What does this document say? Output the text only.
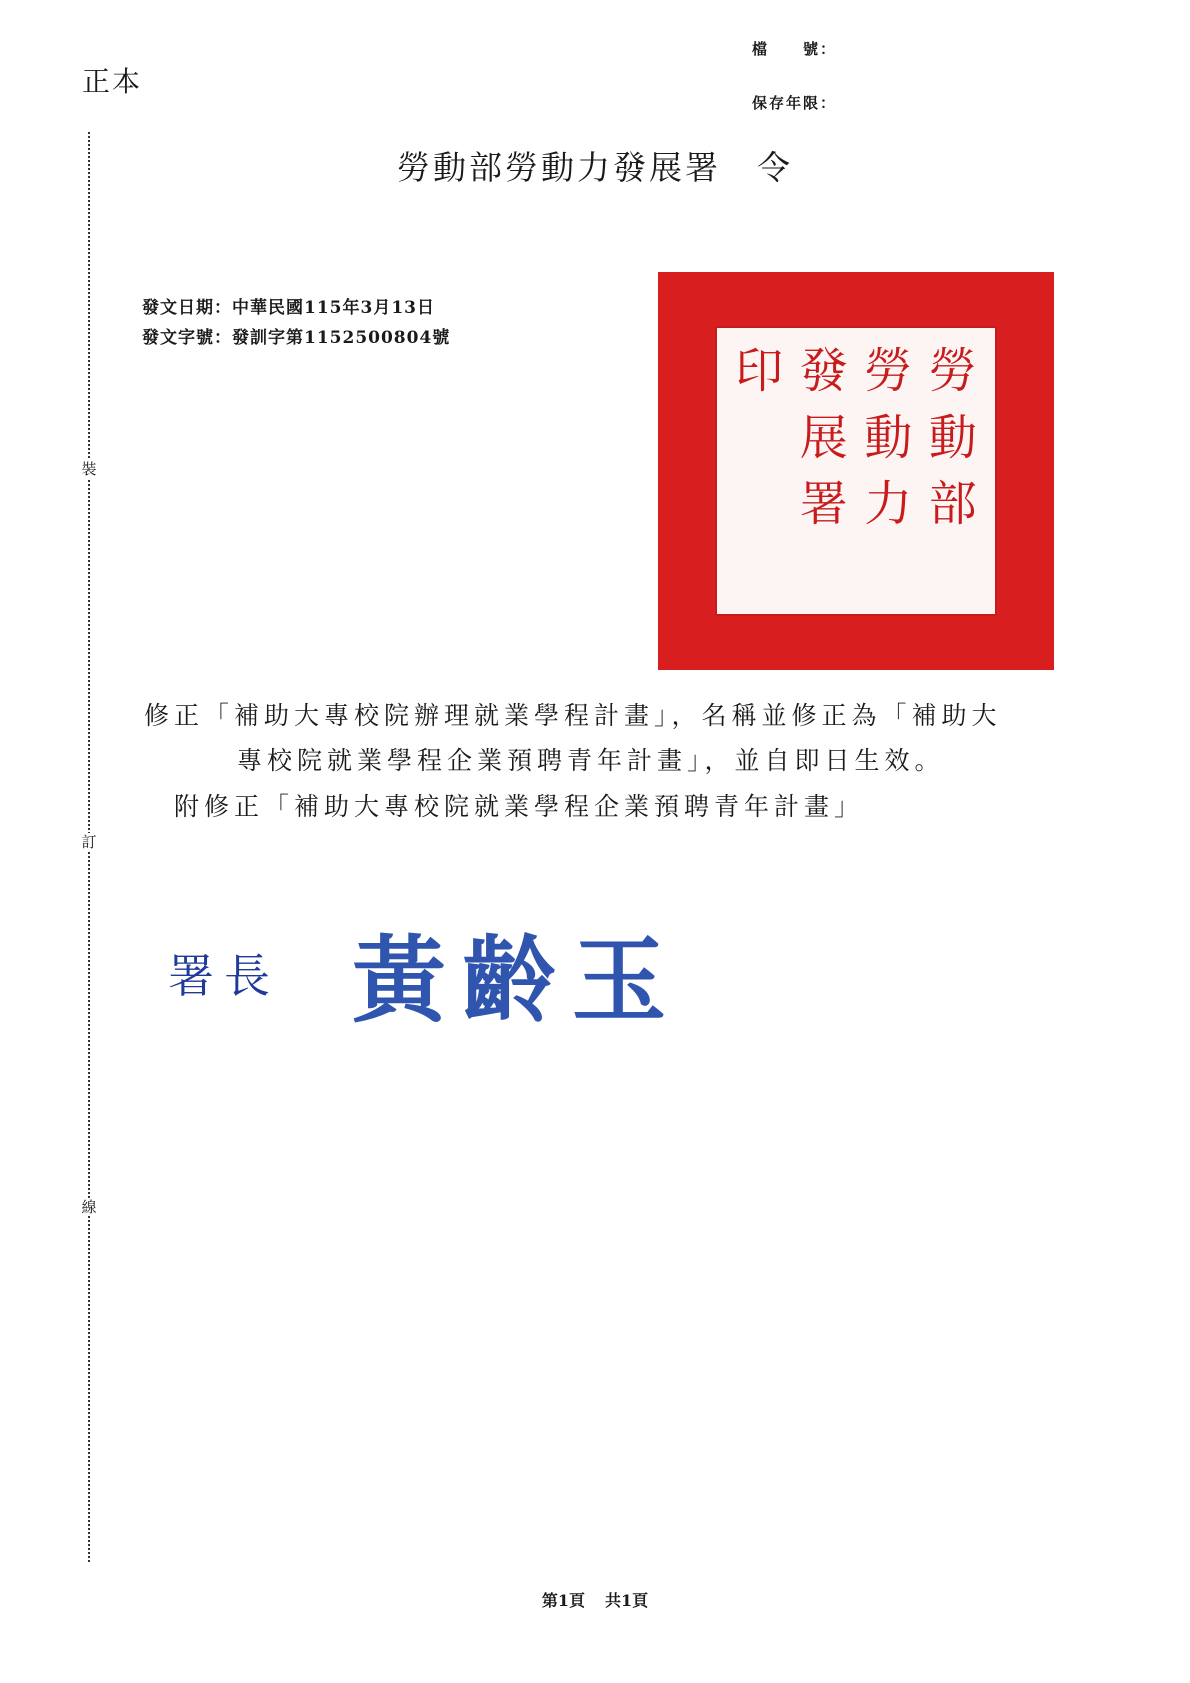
正本
檔　　號：
保存年限：
裝
訂
線
勞動部勞動力發展署 令
發文日期：中華民國115年3月13日
發文字號：發訓字第1152500804號
印 發 勞 勞
展 動 動
署 力 部
修正「補助大專校院辦理就業學程計畫」，名稱並修正為「補助大
專校院就業學程企業預聘青年計畫」，並自即日生效。
附修正「補助大專校院就業學程企業預聘青年計畫」
署長 黃齡玉
第1頁 共1頁
